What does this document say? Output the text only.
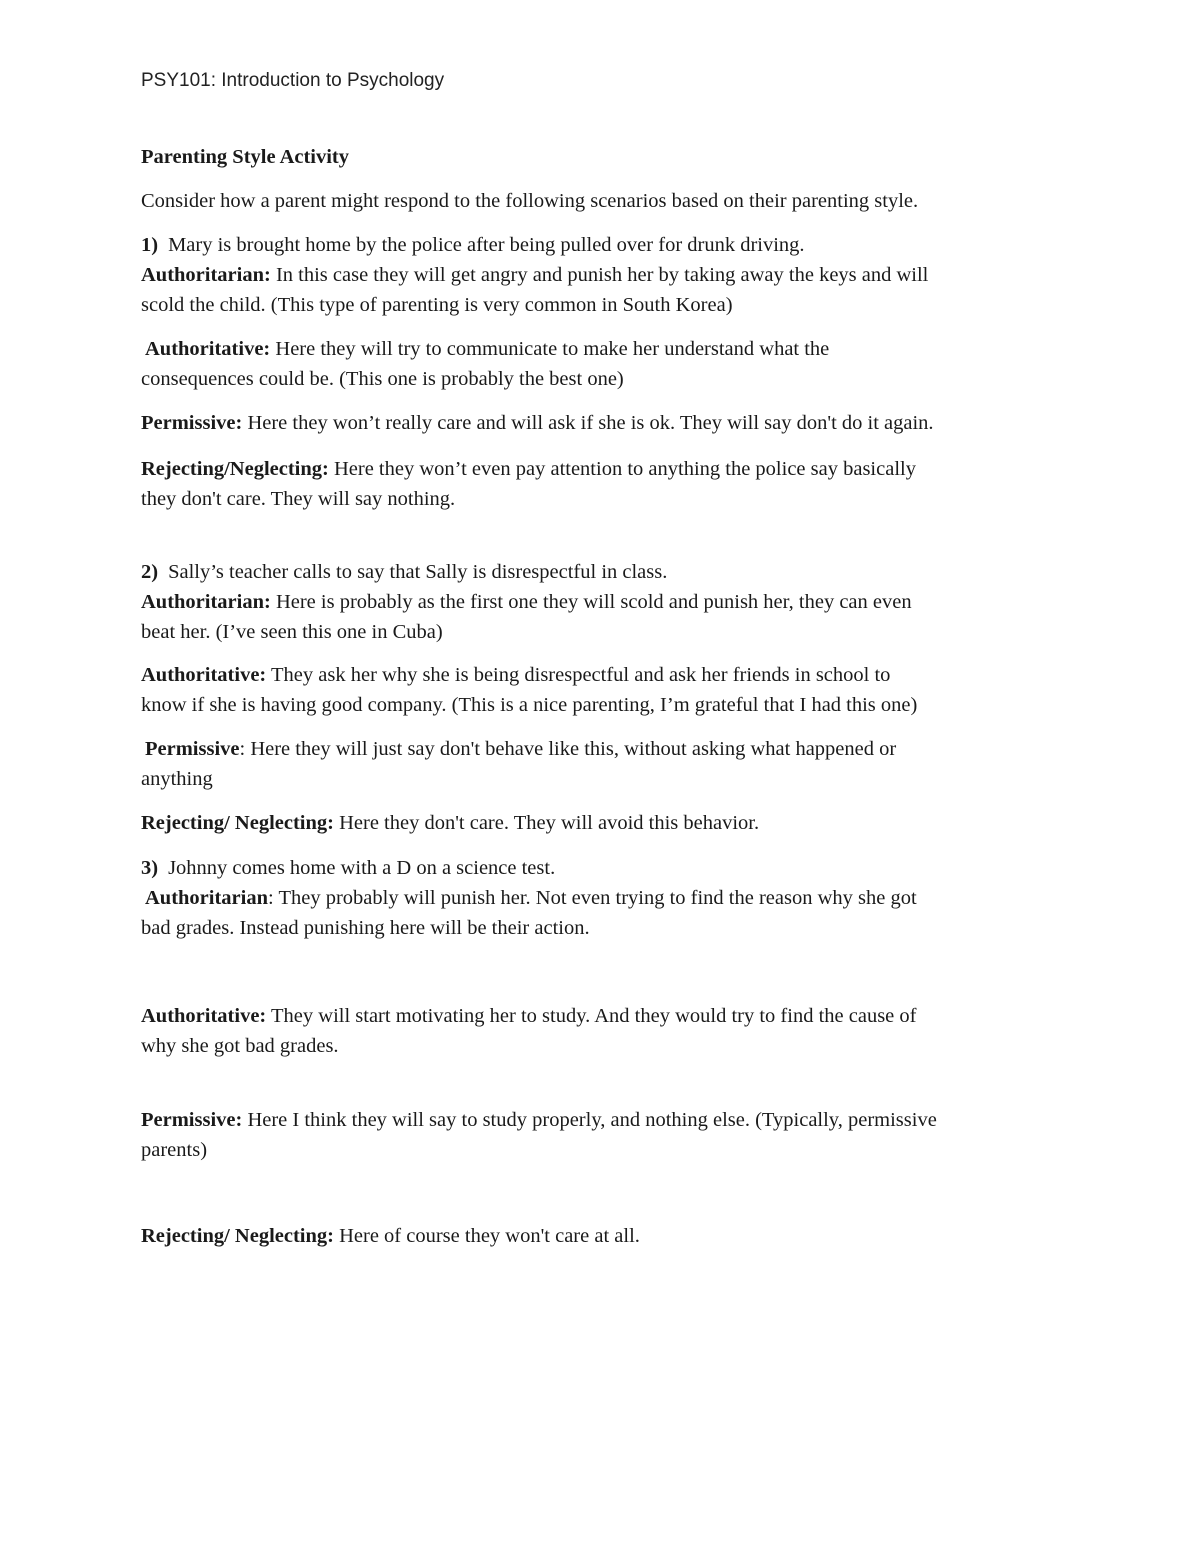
PSY101: Introduction to Psychology
Parenting Style Activity
Consider how a parent might respond to the following scenarios based on their parenting style.
1) Mary is brought home by the police after being pulled over for drunk driving.
Authoritarian: In this case they will get angry and punish her by taking away the keys and will
scold the child. (This type of parenting is very common in South Korea)
Authoritative: Here they will try to communicate to make her understand what the
consequences could be. (This one is probably the best one)
Permissive: Here they won’t really care and will ask if she is ok. They will say don't do it again.
Rejecting/Neglecting: Here they won’t even pay attention to anything the police say basically
they don't care. They will say nothing.
2) Sally’s teacher calls to say that Sally is disrespectful in class.
Authoritarian: Here is probably as the first one they will scold and punish her, they can even
beat her. (I’ve seen this one in Cuba)
Authoritative: They ask her why she is being disrespectful and ask her friends in school to
know if she is having good company. (This is a nice parenting, I’m grateful that I had this one)
Permissive: Here they will just say don't behave like this, without asking what happened or
anything
Rejecting/ Neglecting: Here they don't care. They will avoid this behavior.
3) Johnny comes home with a D on a science test.
Authoritarian: They probably will punish her. Not even trying to find the reason why she got
bad grades. Instead punishing here will be their action.
Authoritative: They will start motivating her to study. And they would try to find the cause of
why she got bad grades.
Permissive: Here I think they will say to study properly, and nothing else. (Typically, permissive
parents)
Rejecting/ Neglecting: Here of course they won't care at all.
